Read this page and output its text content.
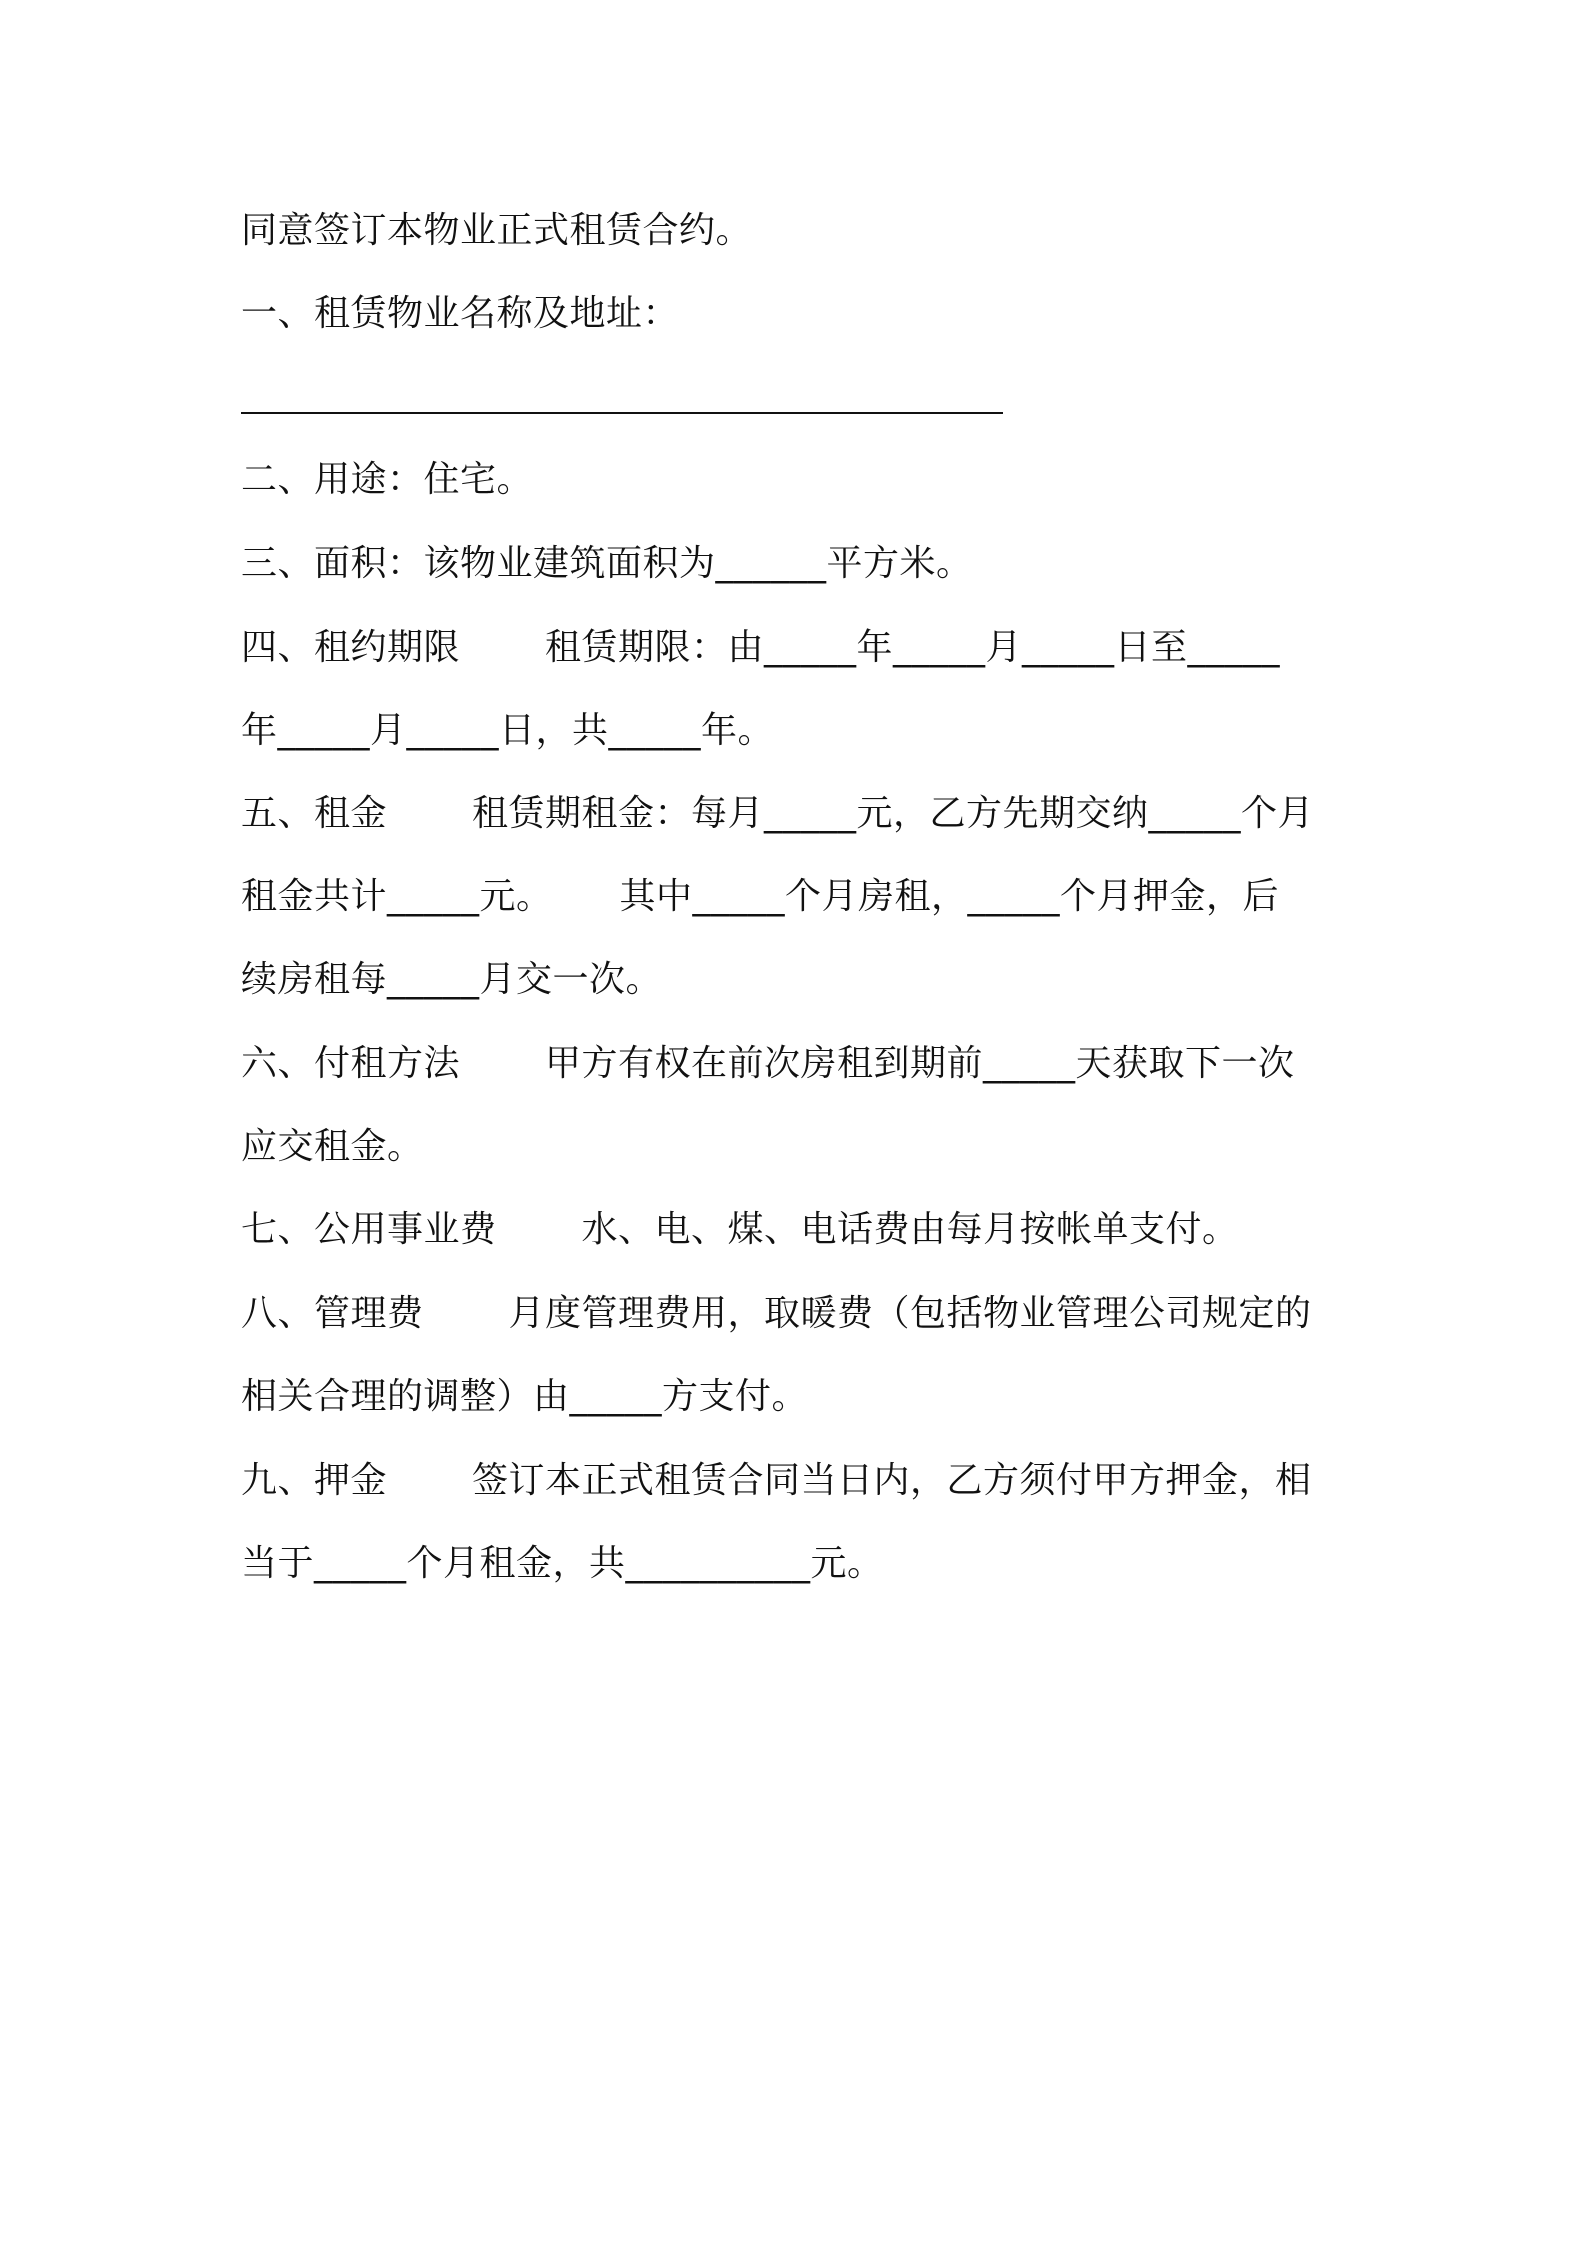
同意签订本物业正式租赁合约。
一、租赁物业名称及地址：
二、用途：住宅。
三、面积：该物业建筑面积为______平方米。
四、租约期限　　 租赁期限：由_____年_____月_____日至_____
年_____月_____日，共_____年。
五、租金　　 租赁期租金：每月_____元，乙方先期交纳_____个月
租金共计_____元。　　 其中_____个月房租，_____个月押金，后
续房租每_____月交一次。
六、付租方法　　 甲方有权在前次房租到期前_____天获取下一次
应交租金。
七、公用事业费　　 水、电、煤、电话费由每月按帐单支付。
八、管理费　　 月度管理费用，取暖费（包括物业管理公司规定的
相关合理的调整）由_____方支付。
九、押金　　 签订本正式租赁合同当日内，乙方须付甲方押金，相
当于_____个月租金，共__________元。
